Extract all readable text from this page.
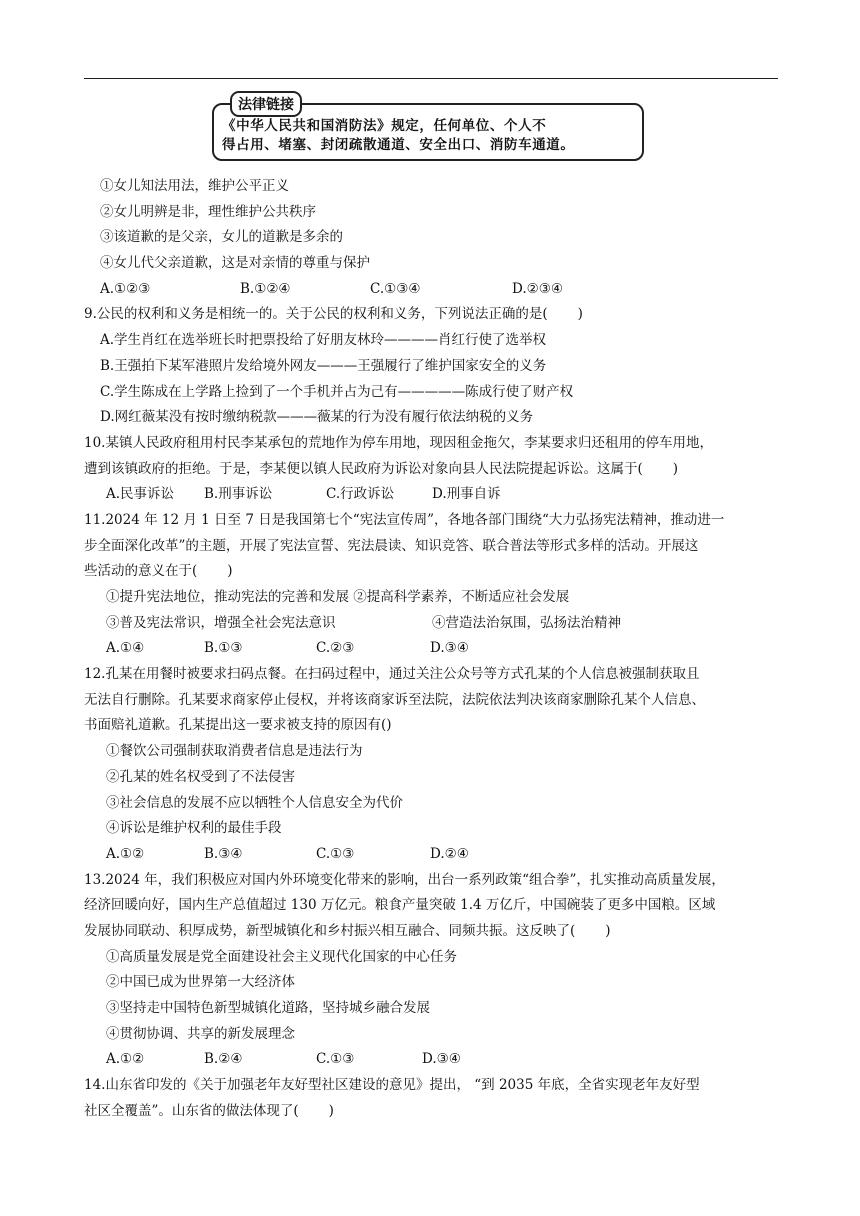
法律链接
《中华人民共和国消防法》规定，任何单位、个人不
得占用、堵塞、封闭疏散通道、安全出口、消防车通道。
①女儿知法用法，维护公平正义
②女儿明辨是非，理性维护公共秩序
③该道歉的是父亲，女儿的道歉是多余的
④女儿代父亲道歉，这是对亲情的尊重与保护
A.①②③	B.①②④	C.①③④	D.②③④
9.公民的权利和义务是相统一的。关于公民的权利和义务，下列说法正确的是( )
A.学生肖红在选举班长时把票投给了好朋友林玲————肖红行使了选举权
B.王强拍下某军港照片发给境外网友———王强履行了维护国家安全的义务
C.学生陈成在上学路上捡到了一个手机并占为己有—————陈成行使了财产权
D.网红薇某没有按时缴纳税款———薇某的行为没有履行依法纳税的义务
10.某镇人民政府租用村民李某承包的荒地作为停车用地，现因租金拖欠，李某要求归还租用的停车用地，
遭到该镇政府的拒绝。于是，李某便以镇人民政府为诉讼对象向县人民法院提起诉讼。这属于( )
A.民事诉讼	B.刑事诉讼	C.行政诉讼	D.刑事自诉
11.2024 年 12 月 1 日至 7 日是我国第七个“宪法宣传周”，各地各部门围绕“大力弘扬宪法精神，推动进一
步全面深化改革”的主题，开展了宪法宣誓、宪法晨读、知识竞答、联合普法等形式多样的活动。开展这
些活动的意义在于( )
①提升宪法地位，推动宪法的完善和发展 ②提高科学素养，不断适应社会发展
③普及宪法常识，增强全社会宪法意识	④营造法治氛围，弘扬法治精神
A.①④	B.①③	C.②③	D.③④
12.孔某在用餐时被要求扫码点餐。在扫码过程中，通过关注公众号等方式孔某的个人信息被强制获取且
无法自行删除。孔某要求商家停止侵权，并将该商家诉至法院，法院依法判决该商家删除孔某个人信息、
书面赔礼道歉。孔某提出这一要求被支持的原因有()
①餐饮公司强制获取消费者信息是违法行为
②孔某的姓名权受到了不法侵害
③社会信息的发展不应以牺牲个人信息安全为代价
④诉讼是维护权利的最佳手段
A.①②	B.③④	C.①③	D.②④
13.2024 年，我们积极应对国内外环境变化带来的影响，出台一系列政策“组合拳”，扎实推动高质量发展，
经济回暖向好，国内生产总值超过 130 万亿元。粮食产量突破 1.4 万亿斤，中国碗装了更多中国粮。区域
发展协同联动、积厚成势，新型城镇化和乡村振兴相互融合、同频共振。这反映了( )
①高质量发展是党全面建设社会主义现代化国家的中心任务
②中国已成为世界第一大经济体
③坚持走中国特色新型城镇化道路，坚持城乡融合发展
④贯彻协调、共享的新发展理念
A.①②	B.②④	C.①③	D.③④
14.山东省印发的《关于加强老年友好型社区建设的意见》提出， “到 2035 年底，全省实现老年友好型
社区全覆盖”。山东省的做法体现了( )
